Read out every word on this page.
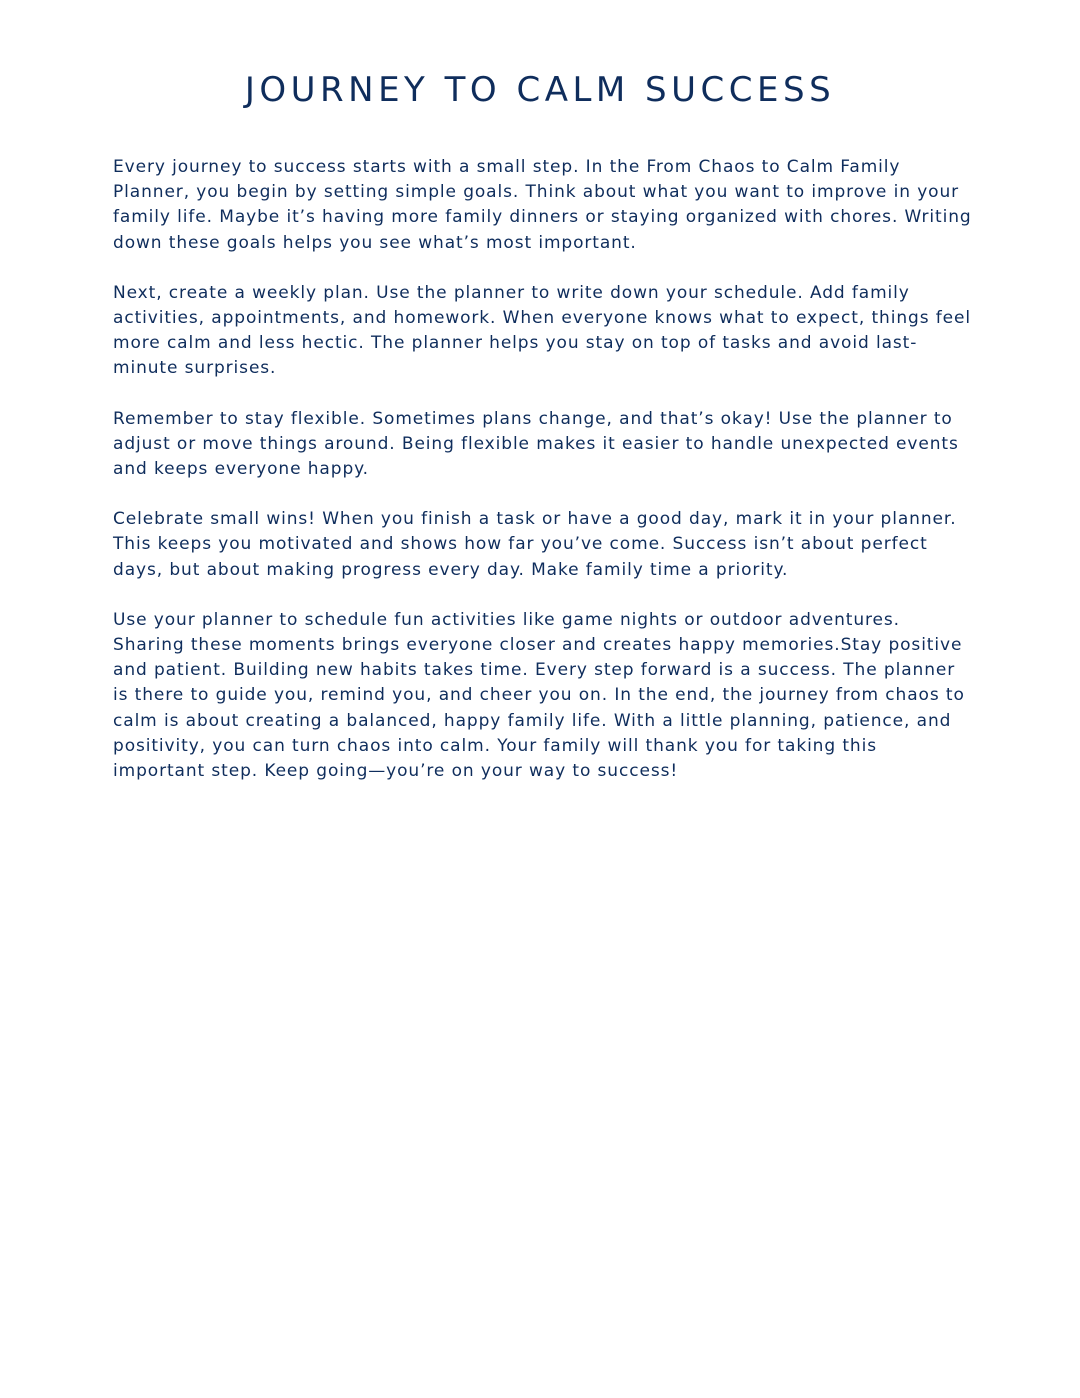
JOURNEY TO CALM SUCCESS

Every journey to success starts with a small step. In the From Chaos to Calm Family Planner, you begin by setting simple goals. Think about what you want to improve in your family life. Maybe it’s having more family dinners or staying organized with chores. Writing down these goals helps you see what’s most important.

Next, create a weekly plan. Use the planner to write down your schedule. Add family activities, appointments, and homework. When everyone knows what to expect, things feel more calm and less hectic. The planner helps you stay on top of tasks and avoid last-minute surprises.

Remember to stay flexible. Sometimes plans change, and that’s okay! Use the planner to adjust or move things around. Being flexible makes it easier to handle unexpected events and keeps everyone happy.

Celebrate small wins! When you finish a task or have a good day, mark it in your planner. This keeps you motivated and shows how far you’ve come. Success isn’t about perfect days, but about making progress every day. Make family time a priority.

Use your planner to schedule fun activities like game nights or outdoor adventures. Sharing these moments brings everyone closer and creates happy memories.Stay positive and patient. Building new habits takes time. Every step forward is a success. The planner is there to guide you, remind you, and cheer you on. In the end, the journey from chaos to calm is about creating a balanced, happy family life. With a little planning, patience, and positivity, you can turn chaos into calm. Your family will thank you for taking this important step. Keep going—you’re on your way to success!
